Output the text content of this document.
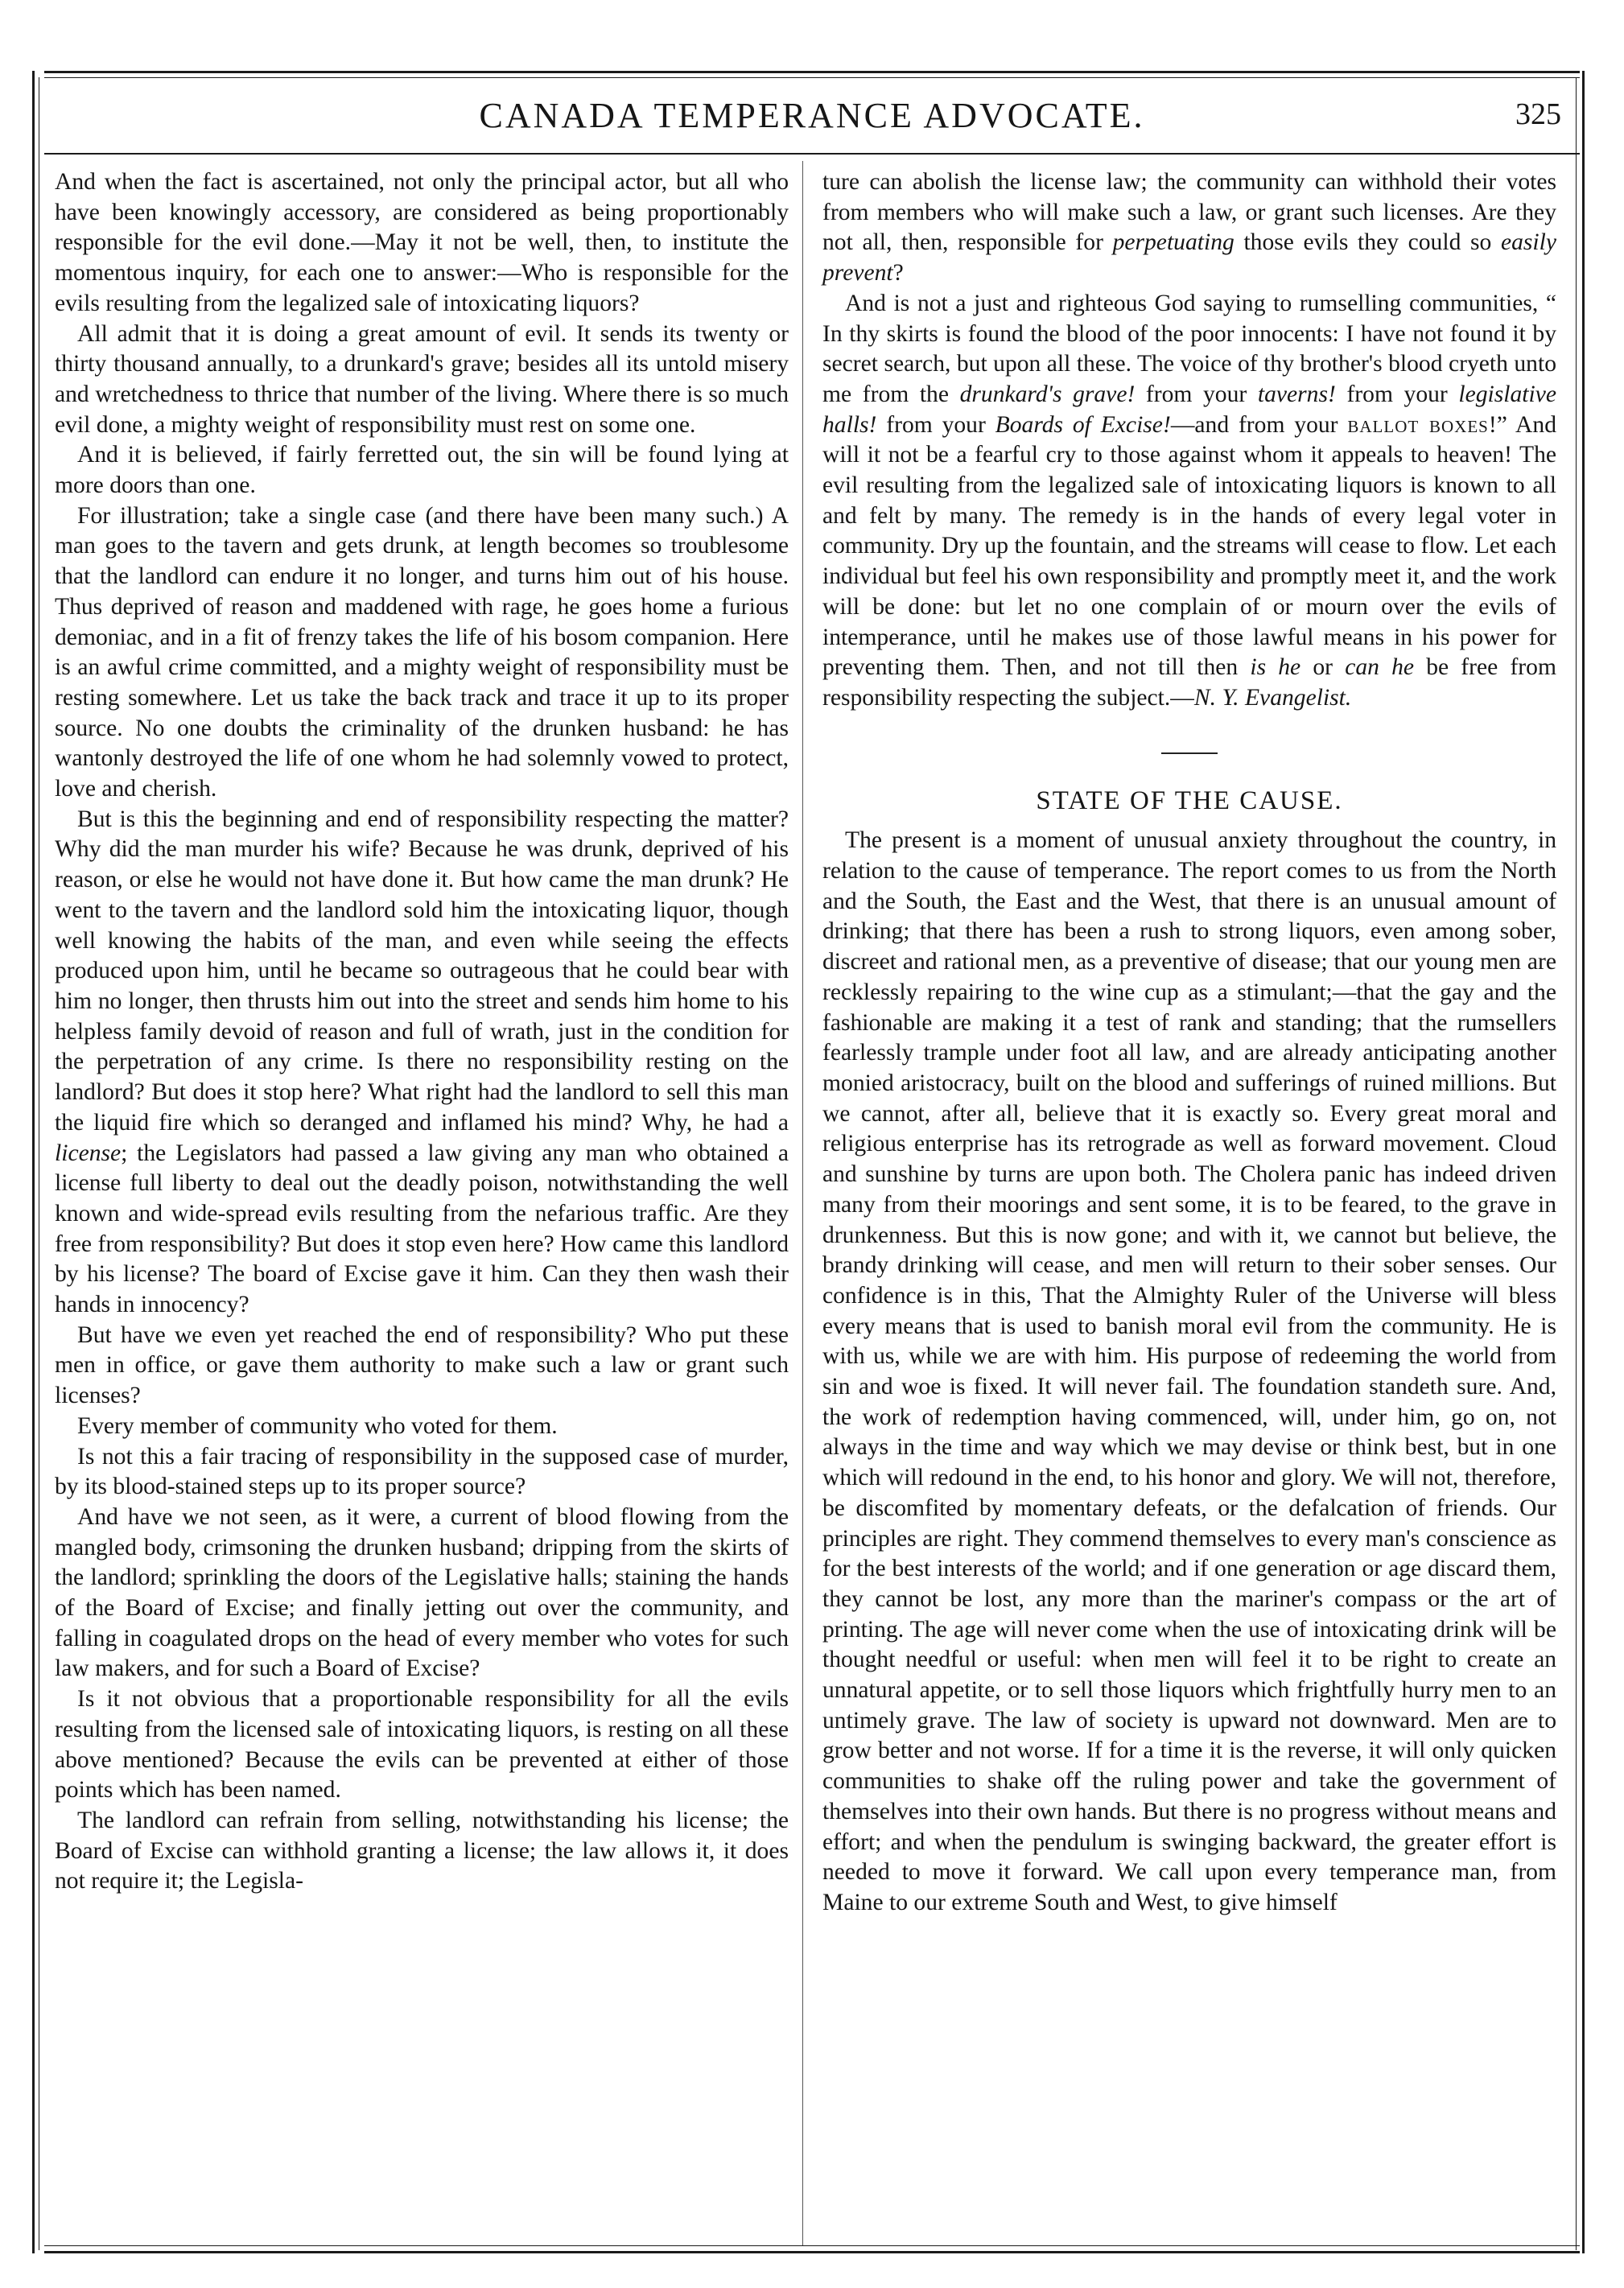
CANADA TEMPERANCE ADVOCATE.	325

And when the fact is ascertained, not only the principal actor, but all who have been knowingly accessory, are considered as being proportionably responsible for the evil done.—May it not be well, then, to institute the momentous inquiry, for each one to answer:—Who is responsible for the evils resulting from the legalized sale of intoxicating liquors?

All admit that it is doing a great amount of evil. It sends its twenty or thirty thousand annually, to a drunkard's grave; besides all its untold misery and wretchedness to thrice that number of the living. Where there is so much evil done, a mighty weight of responsibility must rest on some one.

And it is believed, if fairly ferretted out, the sin will be found lying at more doors than one.

For illustration; take a single case (and there have been many such.) A man goes to the tavern and gets drunk, at length becomes so troublesome that the landlord can endure it no longer, and turns him out of his house. Thus deprived of reason and maddened with rage, he goes home a furious demoniac, and in a fit of frenzy takes the life of his bosom companion. Here is an awful crime committed, and a mighty weight of responsibility must be resting somewhere. Let us take the back track and trace it up to its proper source. No one doubts the criminality of the drunken husband: he has wantonly destroyed the life of one whom he had solemnly vowed to protect, love and cherish.

But is this the beginning and end of responsibility respecting the matter? Why did the man murder his wife? Because he was drunk, deprived of his reason, or else he would not have done it. But how came the man drunk? He went to the tavern and the landlord sold him the intoxicating liquor, though well knowing the habits of the man, and even while seeing the effects produced upon him, until he became so outrageous that he could bear with him no longer, then thrusts him out into the street and sends him home to his helpless family devoid of reason and full of wrath, just in the condition for the perpetration of any crime. Is there no responsibility resting on the landlord? But does it stop here? What right had the landlord to sell this man the liquid fire which so deranged and inflamed his mind? Why, he had a license; the Legislators had passed a law giving any man who obtained a license full liberty to deal out the deadly poison, notwithstanding the well known and wide-spread evils resulting from the nefarious traffic. Are they free from responsibility? But does it stop even here? How came this landlord by his license? The board of Excise gave it him. Can they then wash their hands in innocency?

But have we even yet reached the end of responsibility? Who put these men in office, or gave them authority to make such a law or grant such licenses?

Every member of community who voted for them.

Is not this a fair tracing of responsibility in the supposed case of murder, by its blood-stained steps up to its proper source?

And have we not seen, as it were, a current of blood flowing from the mangled body, crimsoning the drunken husband; dripping from the skirts of the landlord; sprinkling the doors of the Legislative halls; staining the hands of the Board of Excise; and finally jetting out over the community, and falling in coagulated drops on the head of every member who votes for such law makers, and for such a Board of Excise?

Is it not obvious that a proportionable responsibility for all the evils resulting from the licensed sale of intoxicating liquors, is resting on all these above mentioned? Because the evils can be prevented at either of those points which has been named.

The landlord can refrain from selling, notwithstanding his license; the Board of Excise can withhold granting a license; the law allows it, it does not require it; the Legisla-

ture can abolish the license law; the community can withhold their votes from members who will make such a law, or grant such licenses. Are they not all, then, responsible for perpetuating those evils they could so easily prevent?

And is not a just and righteous God saying to rumselling communities, “ In thy skirts is found the blood of the poor innocents: I have not found it by secret search, but upon all these. The voice of thy brother's blood cryeth unto me from the drunkard's grave! from your taverns! from your legislative halls! from your Boards of Excise!—and from your ballot boxes!” And will it not be a fearful cry to those against whom it appeals to heaven! The evil resulting from the legalized sale of intoxicating liquors is known to all and felt by many. The remedy is in the hands of every legal voter in community. Dry up the fountain, and the streams will cease to flow. Let each individual but feel his own responsibility and promptly meet it, and the work will be done: but let no one complain of or mourn over the evils of intemperance, until he makes use of those lawful means in his power for preventing them. Then, and not till then is he or can he be free from responsibility respecting the subject.—N. Y. Evangelist.

STATE OF THE CAUSE.

The present is a moment of unusual anxiety throughout the country, in relation to the cause of temperance. The report comes to us from the North and the South, the East and the West, that there is an unusual amount of drinking; that there has been a rush to strong liquors, even among sober, discreet and rational men, as a preventive of disease; that our young men are recklessly repairing to the wine cup as a stimulant;—that the gay and the fashionable are making it a test of rank and standing; that the rumsellers fearlessly trample under foot all law, and are already anticipating another monied aristocracy, built on the blood and sufferings of ruined millions. But we cannot, after all, believe that it is exactly so. Every great moral and religious enterprise has its retrograde as well as forward movement. Cloud and sunshine by turns are upon both. The Cholera panic has indeed driven many from their moorings and sent some, it is to be feared, to the grave in drunkenness. But this is now gone; and with it, we cannot but believe, the brandy drinking will cease, and men will return to their sober senses. Our confidence is in this, That the Almighty Ruler of the Universe will bless every means that is used to banish moral evil from the community. He is with us, while we are with him. His purpose of redeeming the world from sin and woe is fixed. It will never fail. The foundation standeth sure. And, the work of redemption having commenced, will, under him, go on, not always in the time and way which we may devise or think best, but in one which will redound in the end, to his honor and glory. We will not, therefore, be discomfited by momentary defeats, or the defalcation of friends. Our principles are right. They commend themselves to every man's conscience as for the best interests of the world; and if one generation or age discard them, they cannot be lost, any more than the mariner's compass or the art of printing. The age will never come when the use of intoxicating drink will be thought needful or useful: when men will feel it to be right to create an unnatural appetite, or to sell those liquors which frightfully hurry men to an untimely grave. The law of society is upward not downward. Men are to grow better and not worse. If for a time it is the reverse, it will only quicken communities to shake off the ruling power and take the government of themselves into their own hands. But there is no progress without means and effort; and when the pendulum is swinging backward, the greater effort is needed to move it forward. We call upon every temperance man, from Maine to our extreme South and West, to give himself
